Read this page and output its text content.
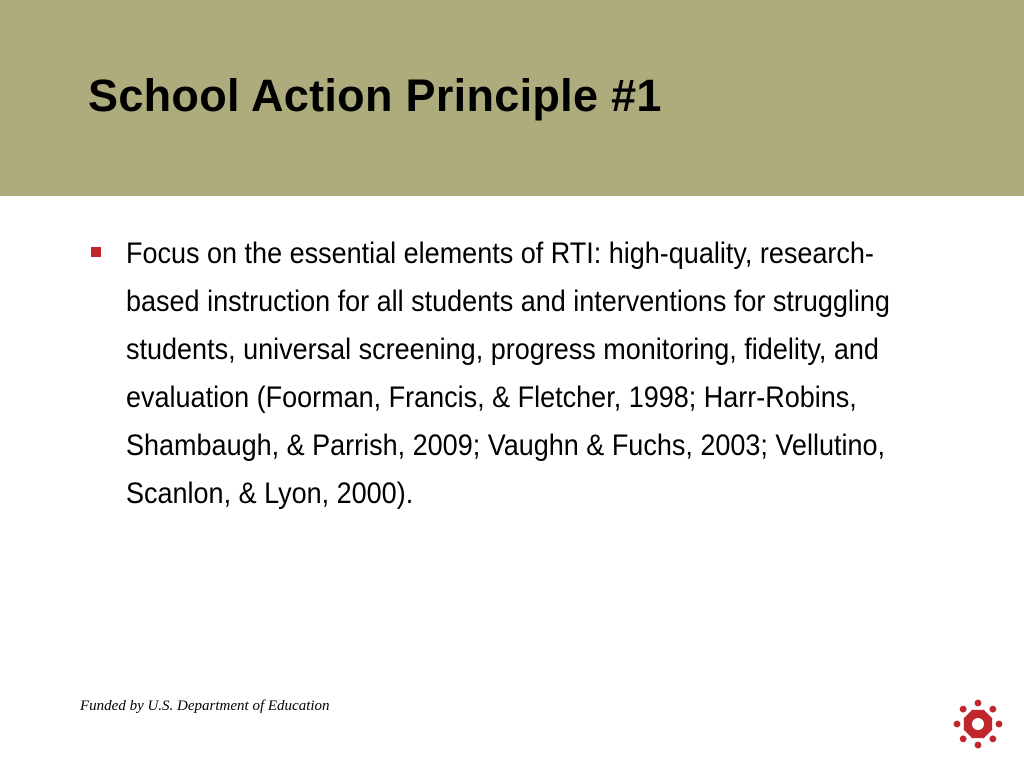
School Action Principle #1

Focus on the essential elements of RTI: high-quality, research-based instruction for all students and interventions for struggling students, universal screening, progress monitoring, fidelity, and evaluation (Foorman, Francis, & Fletcher, 1998; Harr-Robins, Shambaugh, & Parrish, 2009; Vaughn & Fuchs, 2003; Vellutino, Scanlon, & Lyon, 2000).

Funded by U.S. Department of Education
